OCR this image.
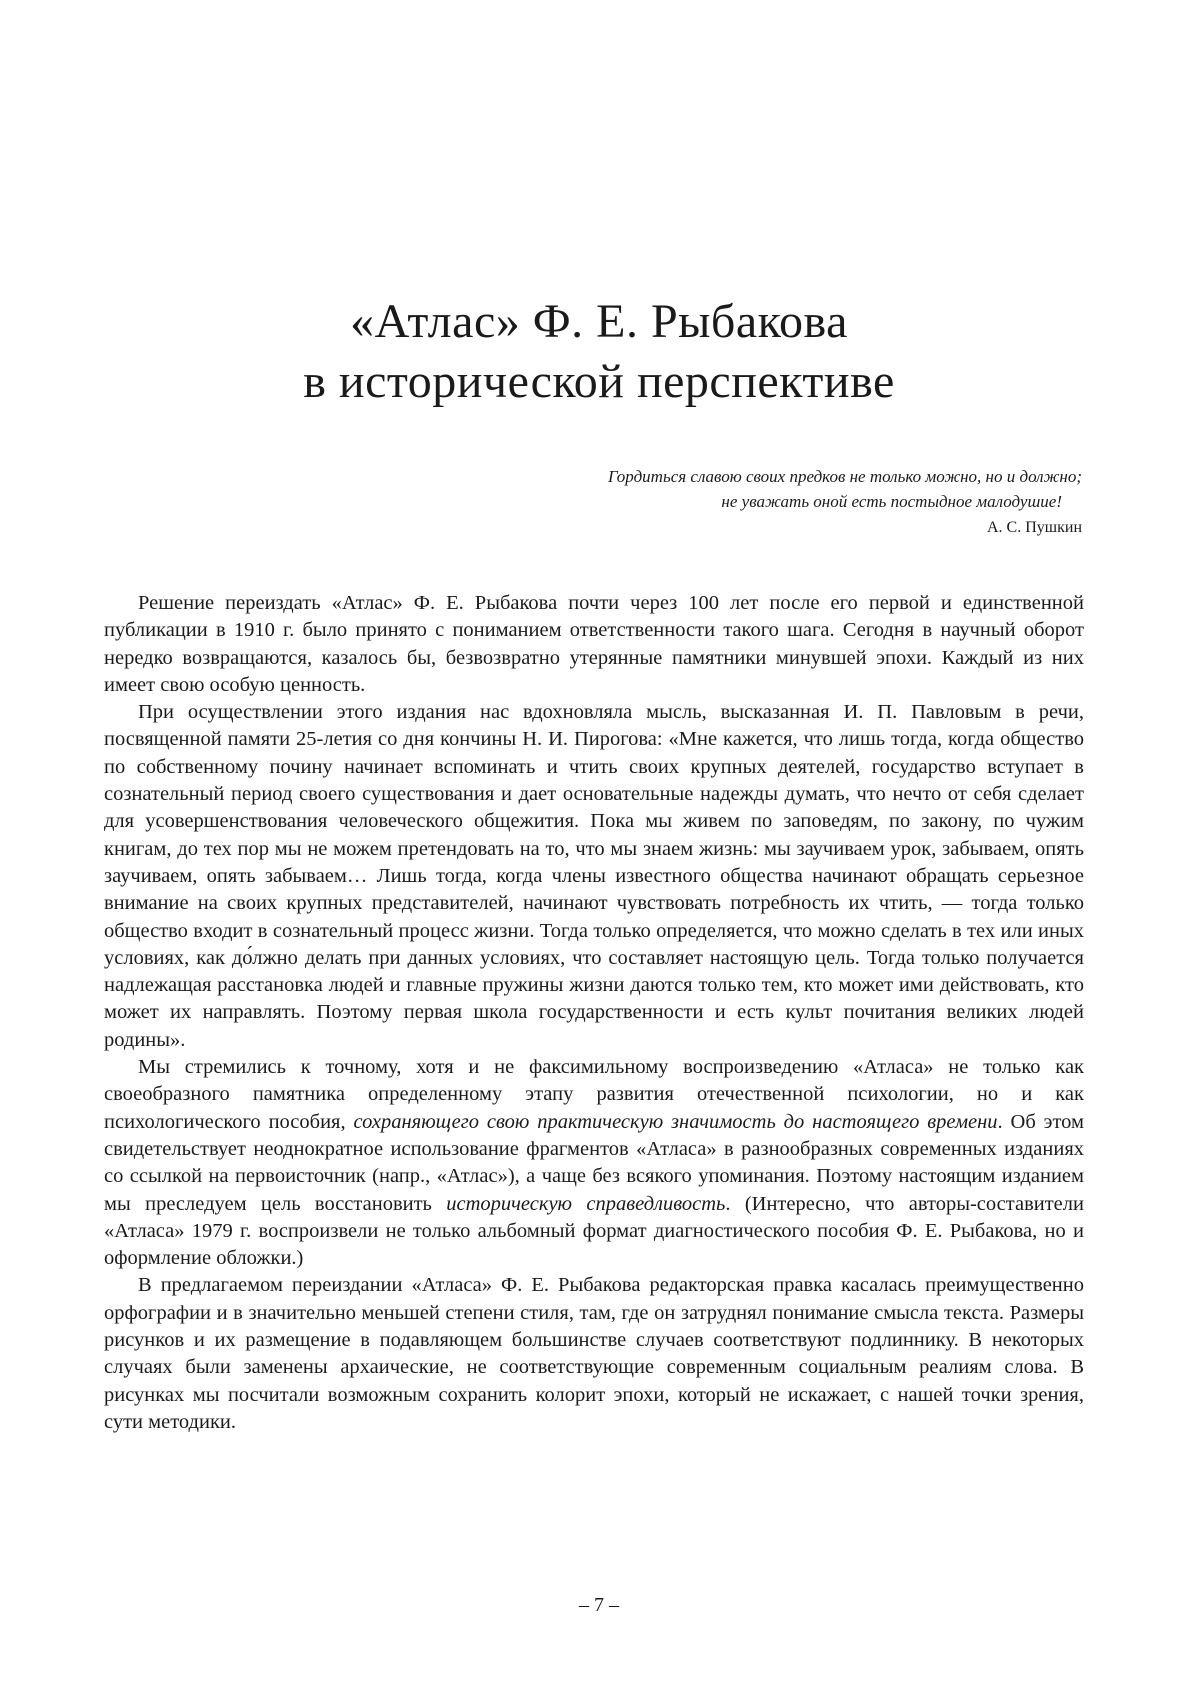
«Атлас» Ф. Е. Рыбакова
в исторической перспективе
Гордиться славою своих предков не только можно, но и должно;
не уважать оной есть постыдное малодушие!
А. С. Пушкин

Решение переиздать «Атлас» Ф. Е. Рыбакова почти через 100 лет после его первой и единственной публикации в 1910 г. было принято с пониманием ответственности такого шага. Сегодня в научный оборот нередко возвращаются, казалось бы, безвозвратно утерянные памятники минувшей эпохи. Каждый из них имеет свою особую ценность.

При осуществлении этого издания нас вдохновляла мысль, высказанная И. П. Павловым в речи, посвященной памяти 25-летия со дня кончины Н. И. Пирогова: «Мне кажется, что лишь тогда, когда общество по собственному почину начинает вспоминать и чтить своих крупных деятелей, государство вступает в сознательный период своего существования и дает основательные надежды думать, что нечто от себя сделает для усовершенствования человеческого общежития. Пока мы живем по заповедям, по закону, по чужим книгам, до тех пор мы не можем претендовать на то, что мы знаем жизнь: мы заучиваем урок, забываем, опять заучиваем, опять забываем… Лишь тогда, когда члены известного общества начинают обращать серьезное внимание на своих крупных представителей, начинают чувствовать потребность их чтить, — тогда только общество входит в сознательный процесс жизни. Тогда только определяется, что можно сделать в тех или иных условиях, как до́лжно делать при данных условиях, что составляет настоящую цель. Тогда только получается надлежащая расстановка людей и главные пружины жизни даются только тем, кто может ими действовать, кто может их направлять. Поэтому первая школа государственности и есть культ почитания великих людей родины».

Мы стремились к точному, хотя и не факсимильному воспроизведению «Атласа» не только как своеобразного памятника определенному этапу развития отечественной психологии, но и как психологического пособия, сохраняющего свою практическую значимость до настоящего времени. Об этом свидетельствует неоднократное использование фрагментов «Атласа» в разнообразных современных изданиях со ссылкой на первоисточник (напр., «Атлас»), а чаще без всякого упоминания. Поэтому настоящим изданием мы преследуем цель восстановить историческую справедливость. (Интересно, что авторы-составители «Атласа» 1979 г. воспроизвели не только альбомный формат диагностического пособия Ф. Е. Рыбакова, но и оформление обложки.)

В предлагаемом переиздании «Атласа» Ф. Е. Рыбакова редакторская правка касалась преимущественно орфографии и в значительно меньшей степени стиля, там, где он затруднял понимание смысла текста. Размеры рисунков и их размещение в подавляющем большинстве случаев соответствуют подлиннику. В некоторых случаях были заменены архаические, не соответствующие современным социальным реалиям слова. В рисунках мы посчитали возможным сохранить колорит эпохи, который не искажает, с нашей точки зрения, сути методики.

– 7 –
